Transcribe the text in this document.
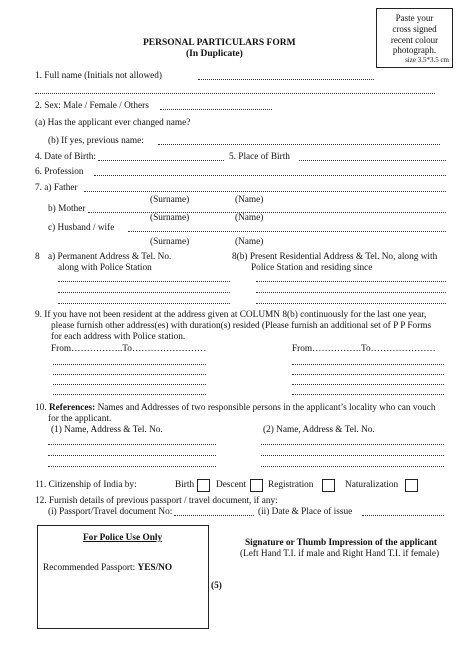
Paste your
cross signed
recent colour
photograph.
size 3.5*3.5 cm
PERSONAL PARTICULARS FORM
(In Duplicate)
1. Full name (Initials not allowed)
2. Sex: Male / Female / Others
(a) Has the applicant ever changed name?
(b) If yes, previous name:
4. Date of Birth:	5. Place of Birth
6. Profession
7. a) Father
(Surname)	(Name)
b) Mother
(Surname)	(Name)
c) Husband / wife
(Surname)	(Name)
8 a) Permanent Address & Tel. No.
along with Police Station
8(b) Present Residential Address & Tel. No, along with
Police Station and residing since
9. If you have not been resident at the address given at COLUMN 8(b) continuously for the last one year,
please furnish other address(es) with duration(s) resided (Please furnish an additional set of P P Forms
for each address with Police station.
From……………..To……………………	From…………….To…………………
10. References: Names and Addresses of two responsible persons in the applicant’s locality who can vouch
for the applicant.
(1) Name, Address & Tel. No.	(2) Name, Address & Tel. No.
11. Citizenship of India by:	Birth Descent Registration	Naturalization
12. Furnish details of previous passport / travel document, if any:
(i) Passport/Travel document No:	(ii) Date & Place of issue
For Police Use Only
Recommended Passport: YES/NO
Signature or Thumb Impression of the applicant
(Left Hand T.I. if male and Right Hand T.I. if female)
(5)
